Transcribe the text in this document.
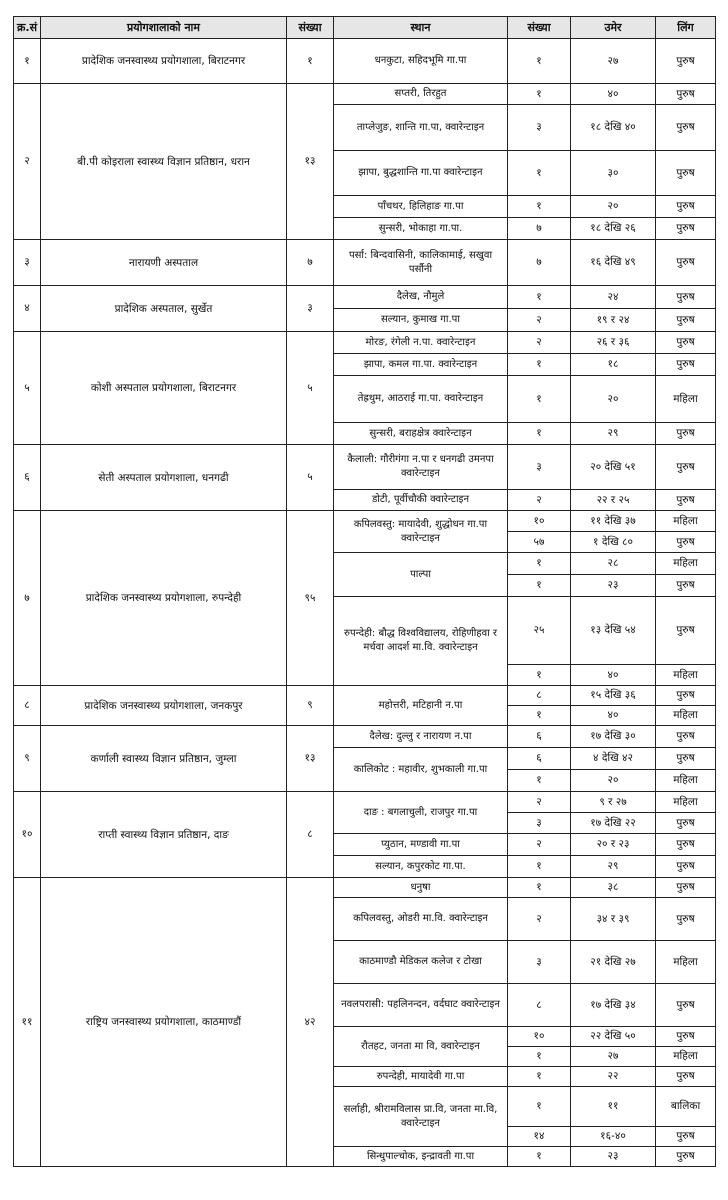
क्र.सं	प्रयोगशालाको नाम	संख्या	स्थान	संख्या	उमेर	लिंग
१	प्रादेशिक जनस्वास्थ्य प्रयोगशाला, बिराटनगर	१	धनकुटा, सहिदभूमि गा.पा	१	२७	पुरुष
२	बी.पी कोइराला स्वास्थ्य विज्ञान प्रतिष्ठान, धरान	१३	सप्तरी, तिरहुत	१	४०	पुरुष
			ताप्लेजुङ, शान्ति गा.पा, क्वारेन्टाइन	३	१८ देखि ४०	पुरुष
			झापा, बुद्धशान्ति गा.पा क्वारेन्टाइन	१	३०	पुरुष
			पाँचथर, हिलिहाङ गा.पा	१	२०	पुरुष
			सुन्सरी, भोकाहा गा.पा.	७	१८ देखि २६	पुरुष
३	नारायणी अस्पताल	७	पर्सा: बिन्दवासिनी, कालिकामाई, सखुवा पर्सौनी	७	१६ देखि ४९	पुरुष
४	प्रादेशिक अस्पताल, सुर्खेत	३	दैलेख, नौमुले	१	२४	पुरुष
			सल्यान, कुमाख गा.पा	२	१९ र २४	पुरुष
५	कोशी अस्पताल प्रयोगशाला, बिराटनगर	५	मोरङ, रंगेली न.पा. क्वारेन्टाइन	२	२६ र ३६	पुरुष
			झापा, कमल गा.पा. क्वारेन्टाइन	१	१८	पुरुष
			तेह्रथुम, आठराई गा.पा. क्वारेन्टाइन	१	२०	महिला
			सुन्सरी, बराहक्षेत्र क्वारेन्टाइन	१	२९	पुरुष
६	सेती अस्पताल प्रयोगशाला, धनगढी	५	कैलाली: गौरीगंगा न.पा र धनगढी उमनपा क्वारेन्टाइन	३	२० देखि ५१	पुरुष
			डोटी, पूर्वीचौकी क्वारेन्टाइन	२	२२ र २५	पुरुष
७	प्रादेशिक जनस्वास्थ्य प्रयोगशाला, रुपन्देही	९५	कपिलवस्तु: मायादेवी, शुद्धोधन गा.पा क्वारेन्टाइन	१०	११ देखि ३७	महिला
				५७	१ देखि ८०	पुरुष
			पाल्पा	१	२८	महिला
				१	२३	पुरुष
			रुपन्देही: बौद्ध विश्वविद्यालय, रोहिणीहवा र मर्चवा आदर्श मा.वि. क्वारेन्टाइन	२५	१३ देखि ५४	पुरुष
				१	४०	महिला
८	प्रादेशिक जनस्वास्थ्य प्रयोगशाला, जनकपुर	९	महोत्तरी, मटिहानी न.पा	८	१५ देखि ३६	पुरुष
				१	४०	महिला
९	कर्णाली स्वास्थ्य विज्ञान प्रतिष्ठान, जुम्ला	१३	दैलेख: दुल्लु र नारायण न.पा	६	१७ देखि ३०	पुरुष
			कालिकोट : महावीर, शुभकाली गा.पा	६	४ देखि ४२	पुरुष
				१	२०	महिला
१०	राप्ती स्वास्थ्य विज्ञान प्रतिष्ठान, दाङ	८	दाङ : बगलाचुली, राजपुर गा.पा	२	९ र २७	महिला
				३	१७ देखि २२	पुरुष
			प्युठान, मण्डावी गा.पा	२	२० र २३	पुरुष
			सल्यान, कपुरकोट गा.पा.	१	२९	पुरुष
११	राष्ट्रिय जनस्वास्थ्य प्रयोगशाला, काठमाण्डौं	४२	धनुषा	१	३८	पुरुष
			कपिलवस्तु, ओडरी मा.वि. क्वारेन्टाइन	२	३४ र ३९	पुरुष
			काठमाण्डौ मेडिकल कलेज र टोखा	३	२१ देखि २७	महिला
			नवलपरासी: पहलिनन्दन, वर्दघाट क्वारेन्टाइन	८	१७ देखि ३४	पुरुष
			रौतहट, जनता मा वि, क्वारेन्टाइन	१०	२२ देखि ५०	पुरुष
				१	२७	महिला
			रुपन्देही, मायादेवी गा.पा	१	२२	पुरुष
			सर्लाही, श्रीरामविलास प्रा.वि, जनता मा.वि, क्वारेन्टाइन	१	११	बालिका
				१४	१६-४०	पुरुष
			सिन्धुपाल्चोक, इन्द्रावती गा.पा	१	२३	पुरुष
